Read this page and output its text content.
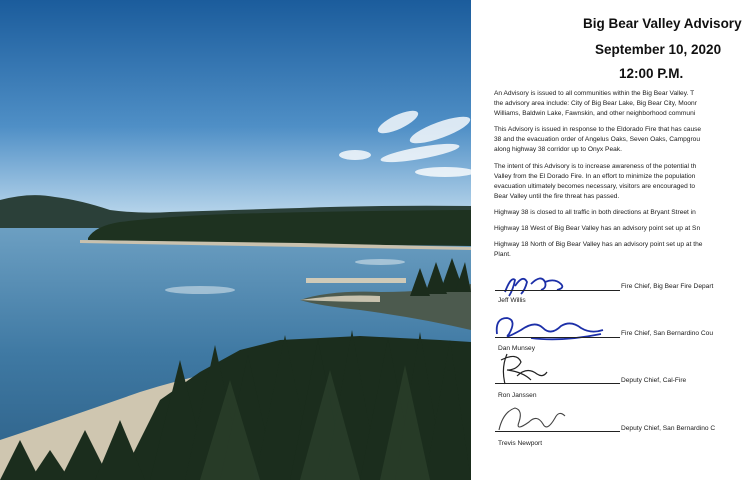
Big Bear Valley Advisory
September 10, 2020
12:00 P.M.
An Advisory is issued to all communities within the Big Bear Valley. T
the advisory area include: City of Big Bear Lake, Big Bear City, Moonr
Williams, Baldwin Lake, Fawnskin, and other neighborhood communi
This Advisory is issued in response to the Eldorado Fire that has cause
38 and the evacuation order of Angelus Oaks, Seven Oaks, Campgrou
along highway 38 corridor up to Onyx Peak.
The intent of this Advisory is to increase awareness of the potential th
Valley from the El Dorado Fire. In an effort to minimize the population
evacuation ultimately becomes necessary, visitors are encouraged to
Bear Valley until the fire threat has passed.
Highway 38 is closed to all traffic in both directions at Bryant Street in
Highway 18 West of Big Bear Valley has an advisory point set up at Sn
Highway 18 North of Big Bear Valley has an advisory point set up at the
Plant.
Fire Chief, Big Bear Fire Depart
Jeff Willis
Fire Chief, San Bernardino Cou
Dan Munsey
Deputy Chief, Cal-Fire
Ron Janssen
Deputy Chief, San Bernardino C
Trevis Newport
